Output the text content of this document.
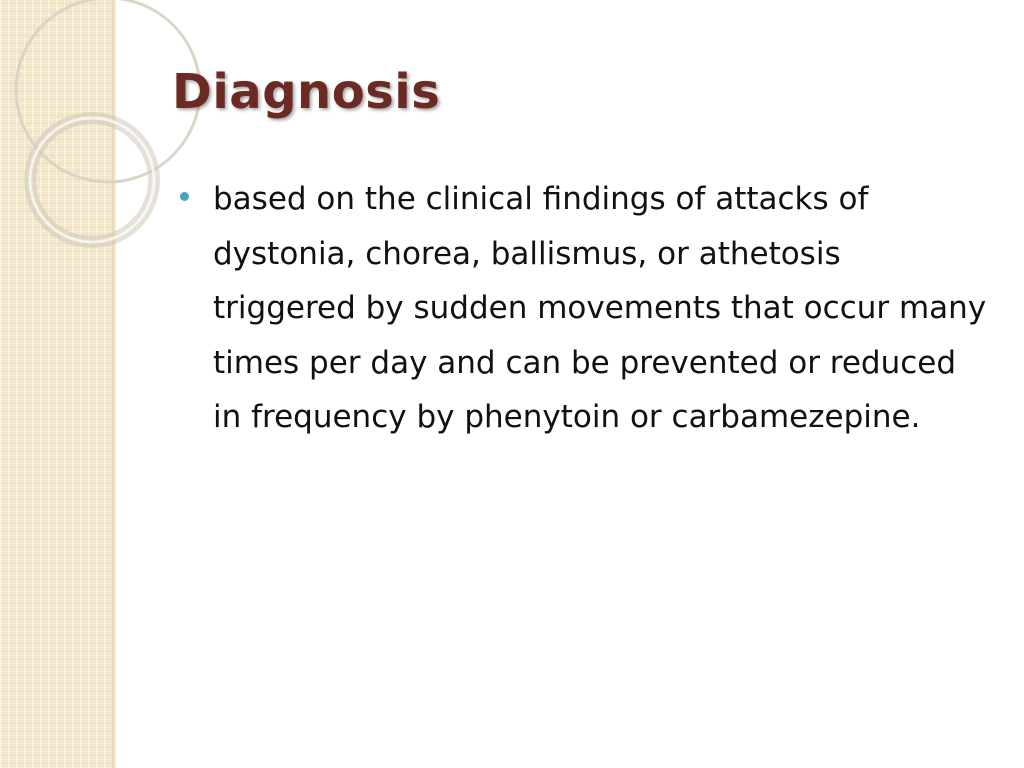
Diagnosis
based on the clinical findings of attacks of dystonia, chorea, ballismus, or athetosis triggered by sudden movements that occur many times per day and can be prevented or reduced in frequency by phenytoin or carbamezepine.
